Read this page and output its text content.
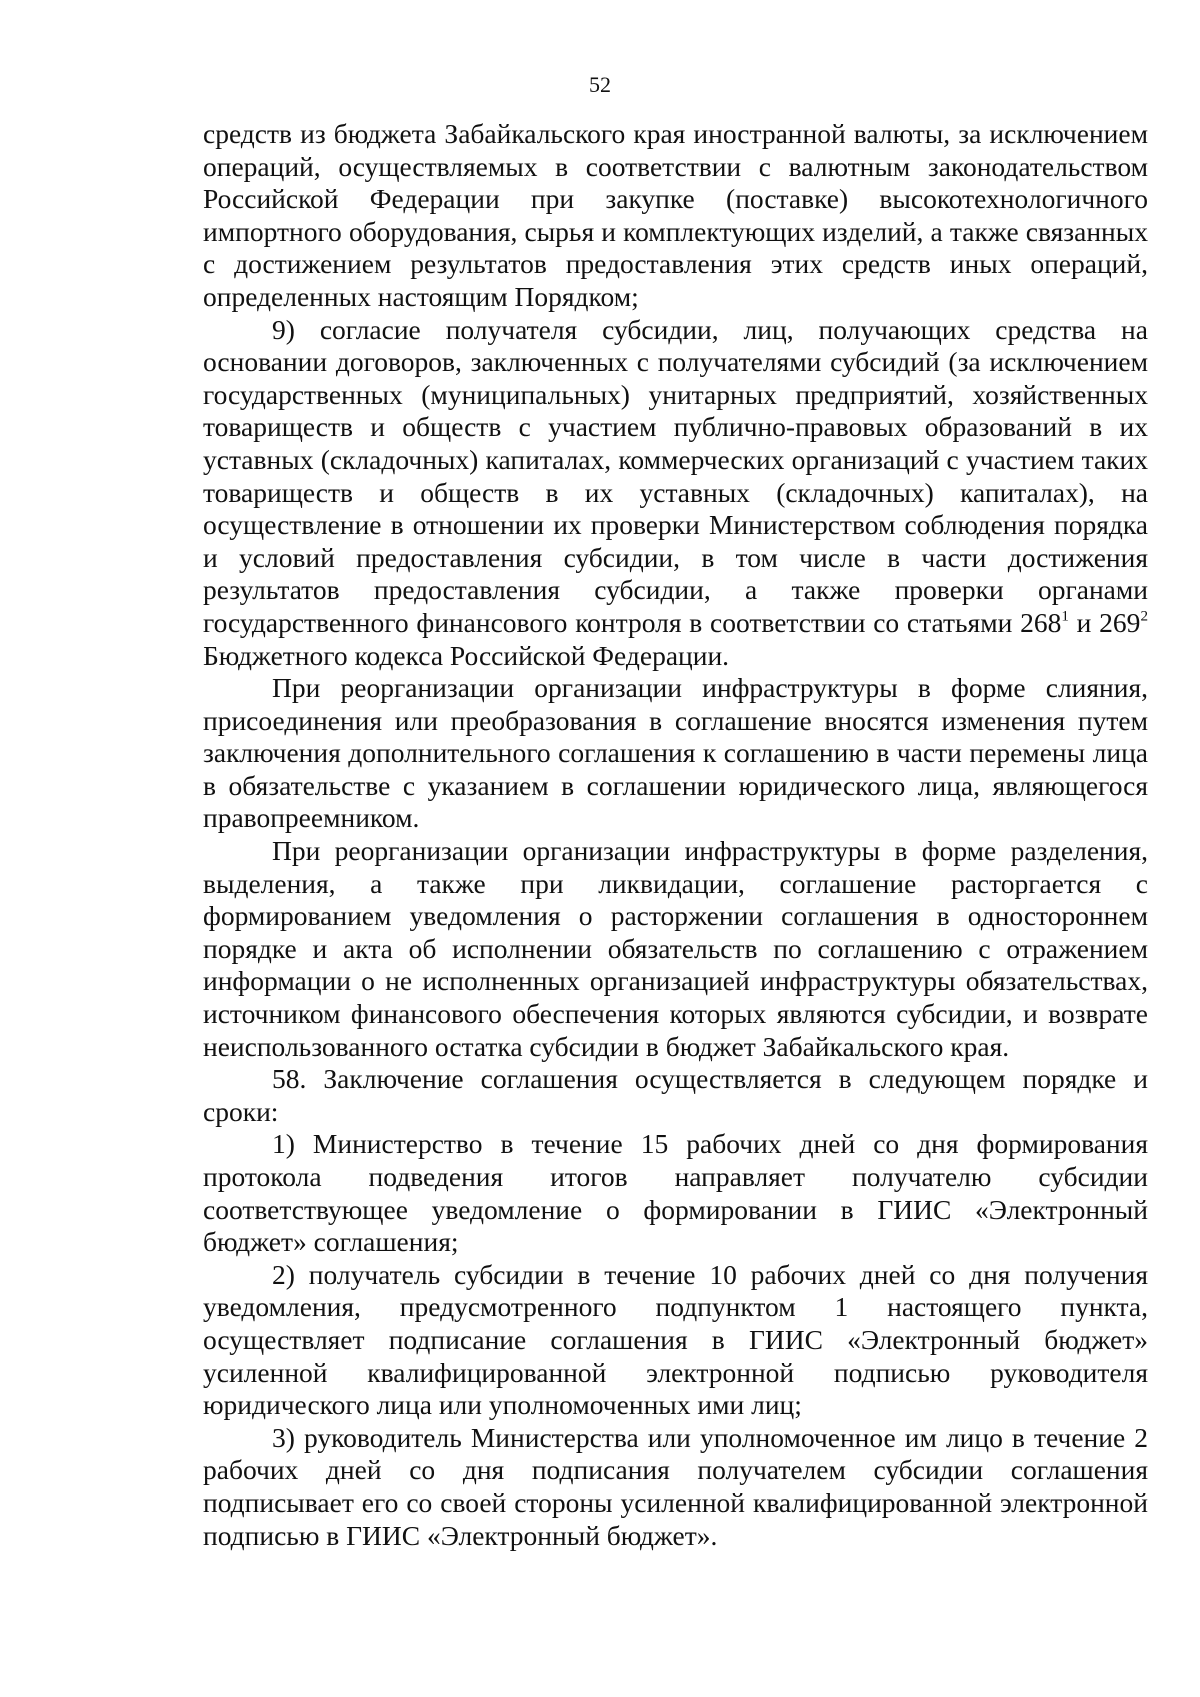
52

средств из бюджета Забайкальского края иностранной валюты, за исключением операций, осуществляемых в соответствии с валютным законодательством Российской Федерации при закупке (поставке) высокотехнологичного импортного оборудования, сырья и комплектующих изделий, а также связанных с достижением результатов предоставления этих средств иных операций, определенных настоящим Порядком;

9) согласие получателя субсидии, лиц, получающих средства на основании договоров, заключенных с получателями субсидий (за исключением государственных (муниципальных) унитарных предприятий, хозяйственных товариществ и обществ с участием публично-правовых образований в их уставных (складочных) капиталах, коммерческих организаций с участием таких товариществ и обществ в их уставных (складочных) капиталах), на осуществление в отношении их проверки Министерством соблюдения порядка и условий предоставления субсидии, в том числе в части достижения результатов предоставления субсидии, а также проверки органами государственного финансового контроля в соответствии со статьями $268^1$ и $269^2$ Бюджетного кодекса Российской Федерации.

При реорганизации организации инфраструктуры в форме слияния, присоединения или преобразования в соглашение вносятся изменения путем заключения дополнительного соглашения к соглашению в части перемены лица в обязательстве с указанием в соглашении юридического лица, являющегося правопреемником.

При реорганизации организации инфраструктуры в форме разделения, выделения, а также при ликвидации, соглашение расторгается с формированием уведомления о расторжении соглашения в одностороннем порядке и акта об исполнении обязательств по соглашению с отражением информации о не исполненных организацией инфраструктуры обязательствах, источником финансового обеспечения которых являются субсидии, и возврате неиспользованного остатка субсидии в бюджет Забайкальского края.

58. Заключение соглашения осуществляется в следующем порядке и сроки:

1) Министерство в течение 15 рабочих дней со дня формирования протокола подведения итогов направляет получателю субсидии соответствующее уведомление о формировании в ГИИС «Электронный бюджет» соглашения;

2) получатель субсидии в течение 10 рабочих дней со дня получения уведомления, предусмотренного подпунктом 1 настоящего пункта, осуществляет подписание соглашения в ГИИС «Электронный бюджет» усиленной квалифицированной электронной подписью руководителя юридического лица или уполномоченных ими лиц;

3) руководитель Министерства или уполномоченное им лицо в течение 2 рабочих дней со дня подписания получателем субсидии соглашения подписывает его со своей стороны усиленной квалифицированной электронной подписью в ГИИС «Электронный бюджет».
